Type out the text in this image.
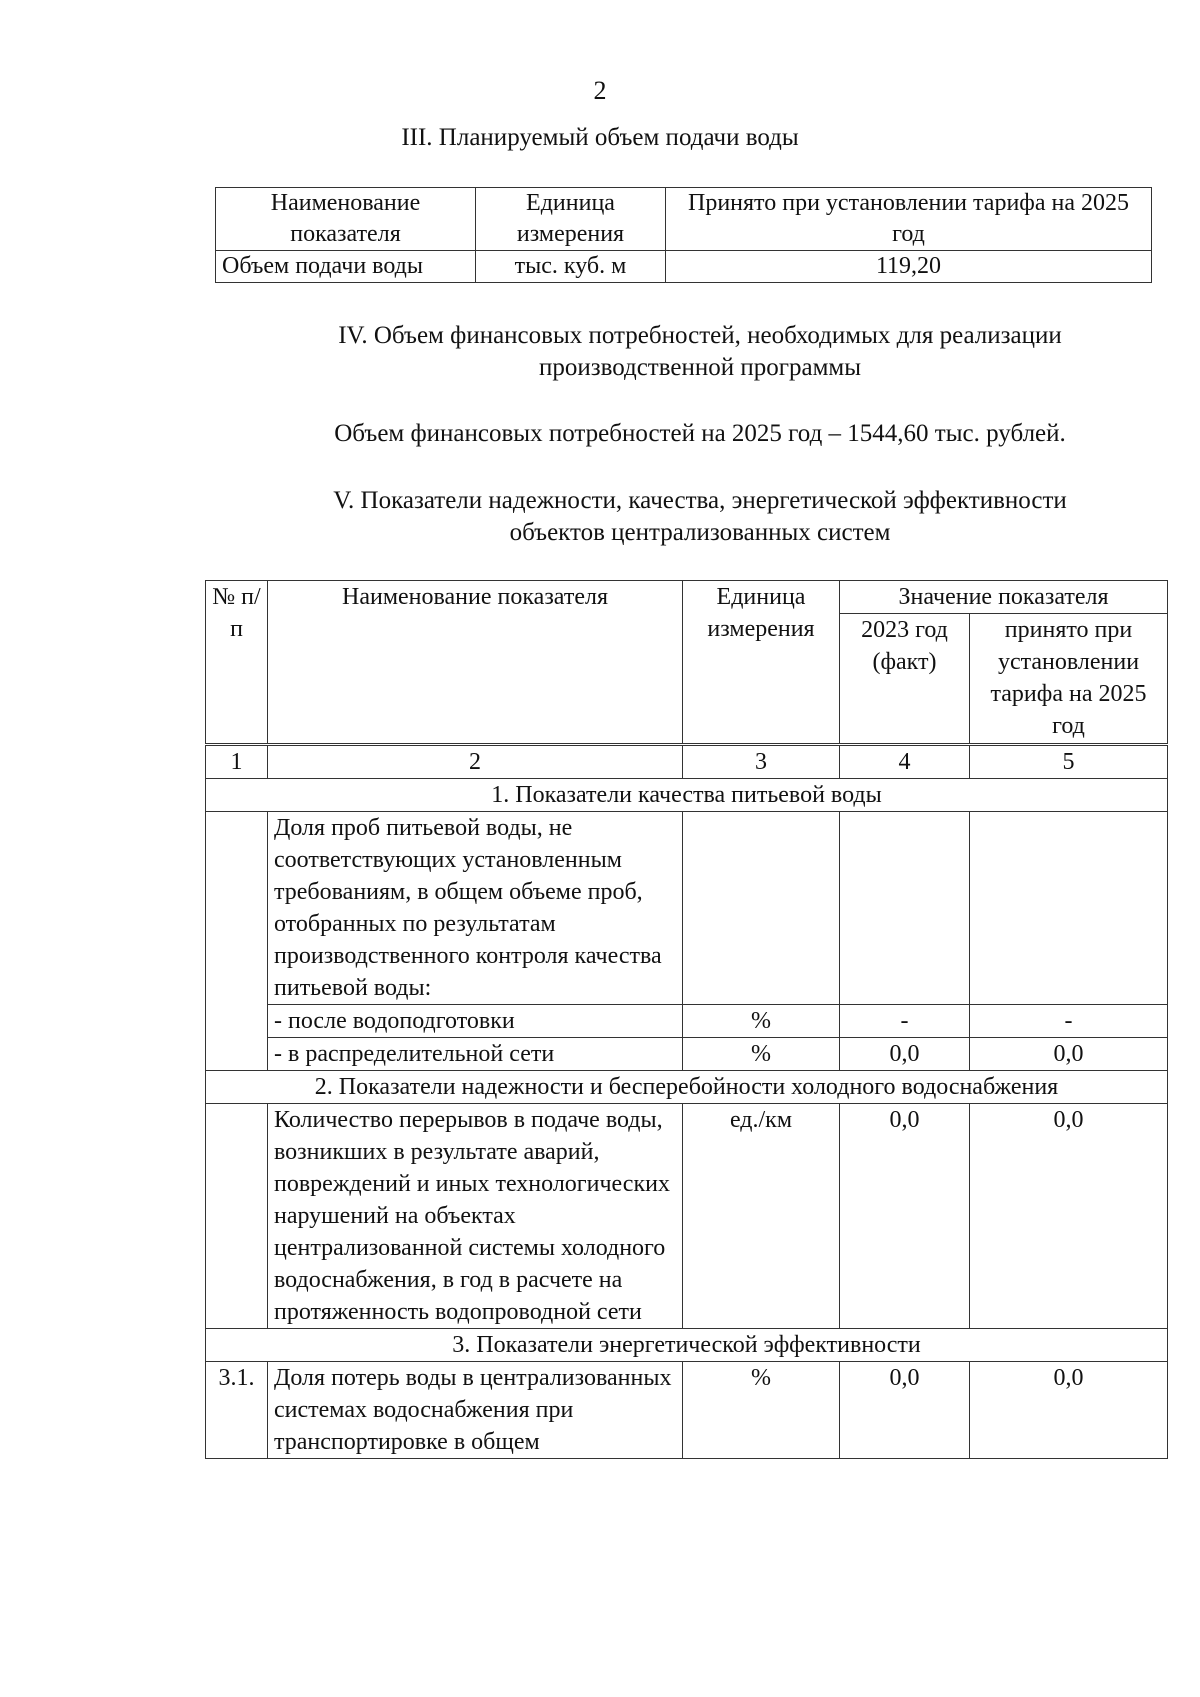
2
III. Планируемый объем подачи воды
Наименование показателя	Единица измерения	Принято при установлении тарифа на 2025 год
Объем подачи воды	тыс. куб. м	119,20
IV. Объем финансовых потребностей, необходимых для реализации
производственной программы
Объем финансовых потребностей на 2025 год – 1544,60 тыс. рублей.
V. Показатели надежности, качества, энергетической эффективности
объектов централизованных систем
№ п/п	Наименование показателя	Единица измерения	Значение показателя	
			2023 год (факт)	принято при установлении тарифа на 2025 год
1	2	3	4	5
1. Показатели качества питьевой воды				
	Доля проб питьевой воды, не соответствующих установленным требованиям, в общем объеме проб, отобранных по результатам производственного контроля качества питьевой воды:			
	- после водоподготовки	%	-	-
	- в распределительной сети	%	0,0	0,0
2. Показатели надежности и бесперебойности холодного водоснабжения				
	Количество перерывов в подаче воды, возникших в результате аварий, повреждений и иных технологических нарушений на объектах централизованной системы холодного водоснабжения, в год в расчете на протяженность водопроводной сети	ед./км	0,0	0,0
3. Показатели энергетической эффективности				
3.1.	Доля потерь воды в централизованных системах водоснабжения при транспортировке в общем	%	0,0	0,0
